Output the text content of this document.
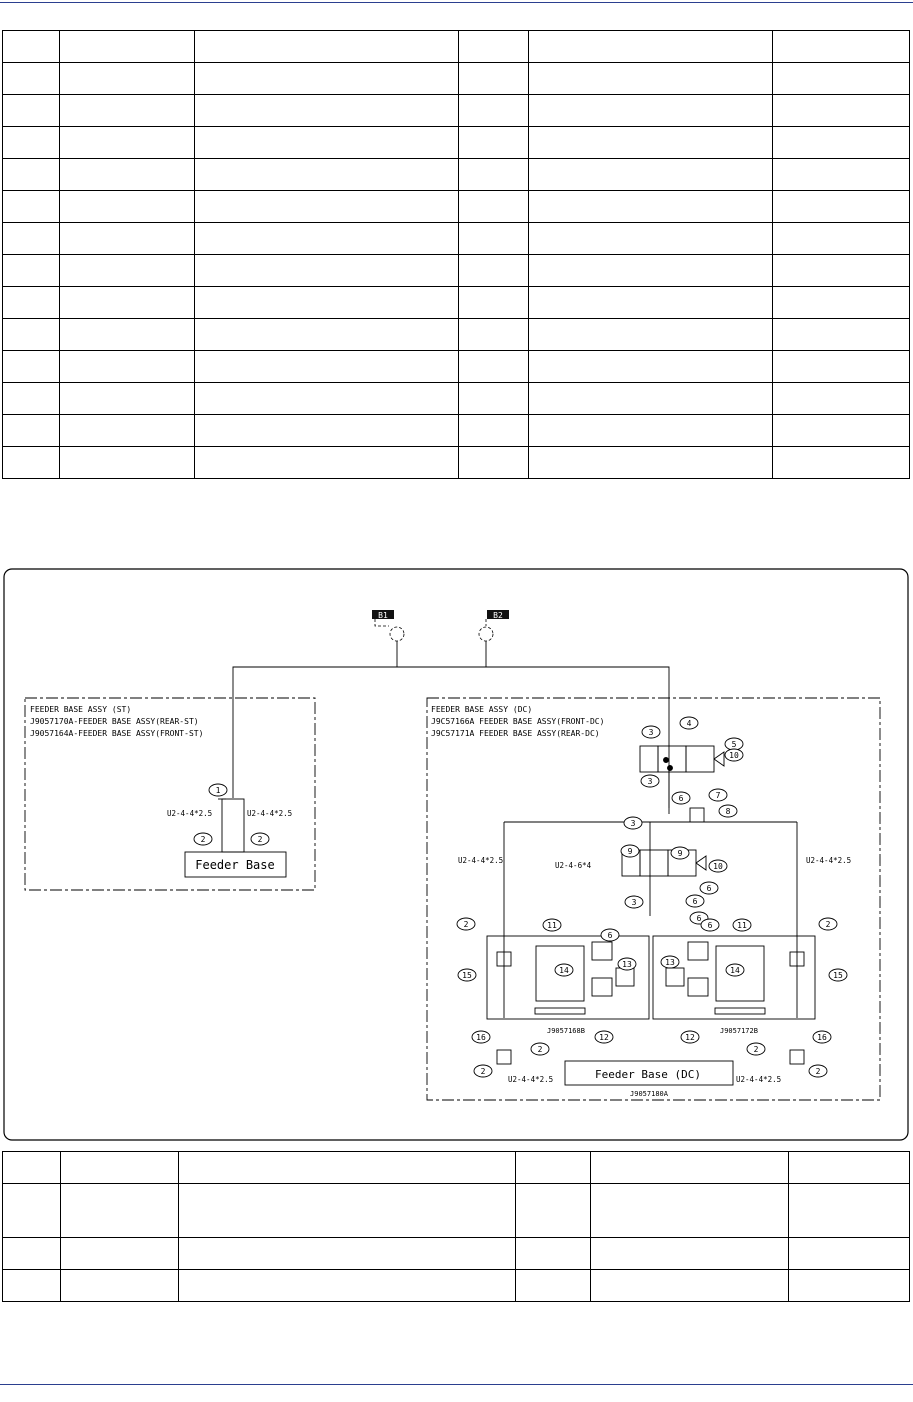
B1	B2
FEEDER BASE ASSY (ST)
J9057170A-FEEDER BASE ASSY(REAR-ST)
J9057164A-FEEDER BASE ASSY(FRONT-ST)
Feeder Base
U2-4-4*2.5	U2-4-4*2.5
FEEDER BASE ASSY (DC)
J9C57166A FEEDER BASE ASSY(FRONT-DC)
J9C57171A FEEDER BASE ASSY(REAR-DC)
Feeder Base (DC)
J9057180A
U2-4-4*2.5	U2-4-4*2.5
U2-4-6*4
U2-4-4*2.5	U2-4-4*2.5
J9057168B	J9057172B
1
2	2
2	2
2	2
2	2
3
3
3
3
4
5
6
6
6
6
6
6
7
8
9	9
10
10
11	11
12	12
13	13
14	14
15	15
16	16
